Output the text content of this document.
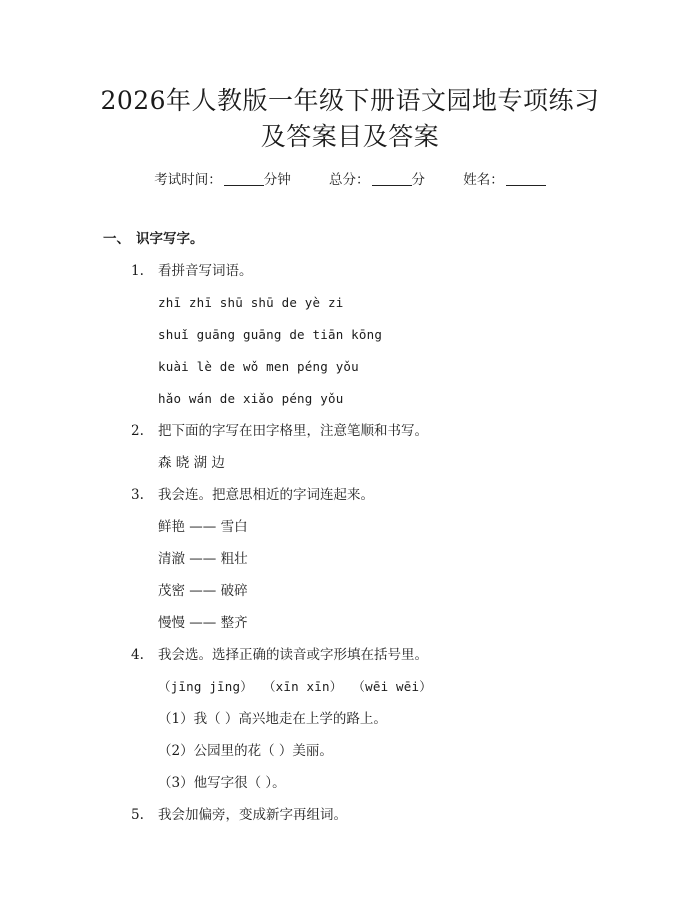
2026年人教版一年级下册语文园地专项练习
及答案目及答案
考试时间：	分钟	总分：	分	姓名：
一、 识字写字。
1. 看拼音写词语。
zhī zhī shū shū de yè zi
shuǐ guāng guāng de tiān kōng
kuài lè de wǒ men péng yǒu
hǎo wán de xiǎo péng yǒu
2. 把下面的字写在田字格里，注意笔顺和书写。
森 晓 湖 边
3. 我会连。把意思相近的字词连起来。
鲜艳 —— 雪白
清澈 —— 粗壮
茂密 —— 破碎
慢慢 —— 整齐
4. 我会选。选择正确的读音或字形填在括号里。
（jīng jīng） （xīn xīn） （wēi wēi）
（1）我（ ）高兴地走在上学的路上。
（2）公园里的花（ ）美丽。
（3）他写字很（ ）。
5. 我会加偏旁，变成新字再组词。
